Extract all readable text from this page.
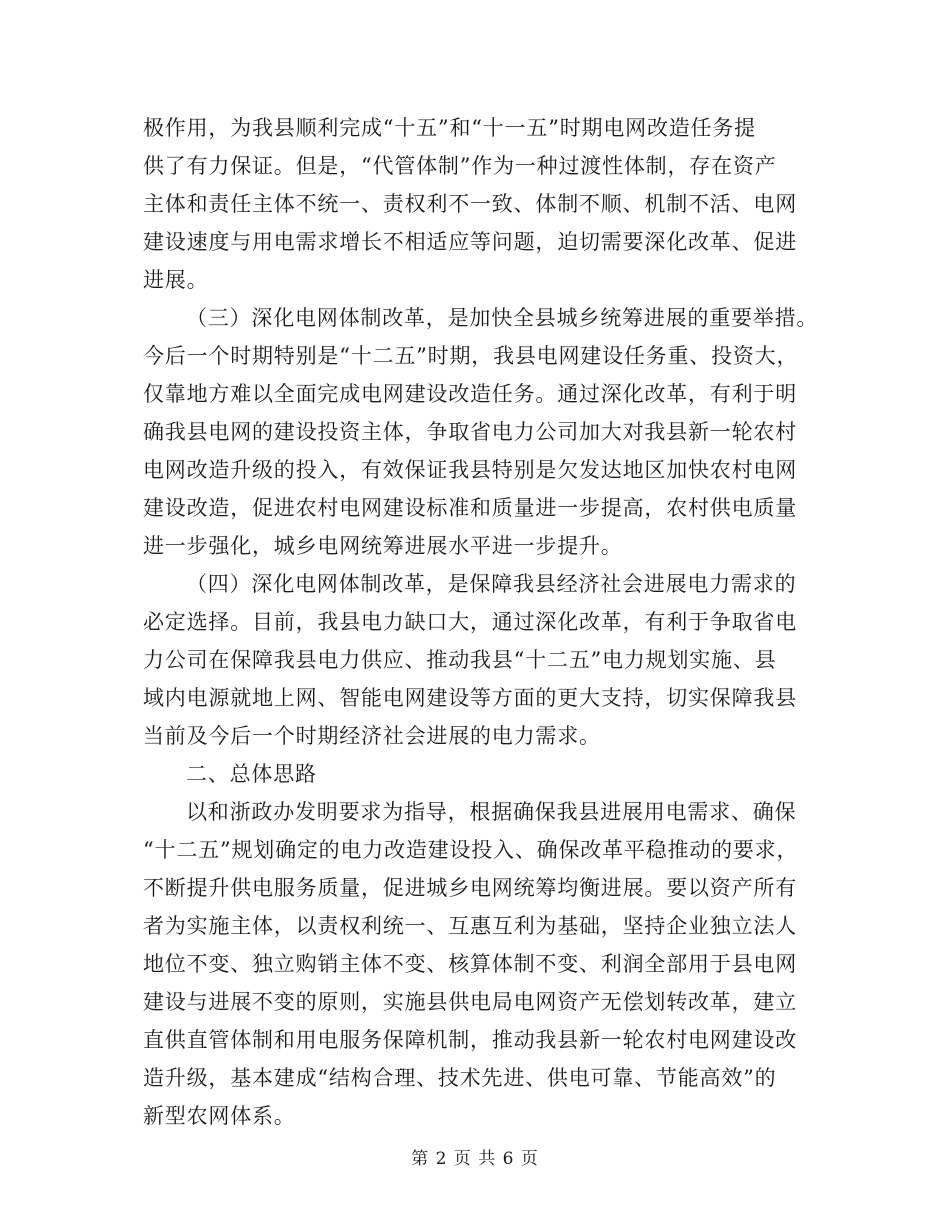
极作用，为我县顺利完成“十五”和“十一五”时期电网改造任务提
供了有力保证。但是，“代管体制”作为一种过渡性体制，存在资产
主体和责任主体不统一、责权利不一致、体制不顺、机制不活、电网
建设速度与用电需求增长不相适应等问题，迫切需要深化改革、促进
进展。
（三）深化电网体制改革，是加快全县城乡统筹进展的重要举措。
今后一个时期特别是“十二五”时期，我县电网建设任务重、投资大，
仅靠地方难以全面完成电网建设改造任务。通过深化改革，有利于明
确我县电网的建设投资主体，争取省电力公司加大对我县新一轮农村
电网改造升级的投入，有效保证我县特别是欠发达地区加快农村电网
建设改造，促进农村电网建设标准和质量进一步提高，农村供电质量
进一步强化，城乡电网统筹进展水平进一步提升。
（四）深化电网体制改革，是保障我县经济社会进展电力需求的
必定选择。目前，我县电力缺口大，通过深化改革，有利于争取省电
力公司在保障我县电力供应、推动我县“十二五”电力规划实施、县
域内电源就地上网、智能电网建设等方面的更大支持，切实保障我县
当前及今后一个时期经济社会进展的电力需求。
二、总体思路
以和浙政办发明要求为指导，根据确保我县进展用电需求、确保
“十二五”规划确定的电力改造建设投入、确保改革平稳推动的要求，
不断提升供电服务质量，促进城乡电网统筹均衡进展。要以资产所有
者为实施主体，以责权利统一、互惠互利为基础，坚持企业独立法人
地位不变、独立购销主体不变、核算体制不变、利润全部用于县电网
建设与进展不变的原则，实施县供电局电网资产无偿划转改革，建立
直供直管体制和用电服务保障机制，推动我县新一轮农村电网建设改
造升级，基本建成“结构合理、技术先进、供电可靠、节能高效”的
新型农网体系。
第 2 页 共 6 页
